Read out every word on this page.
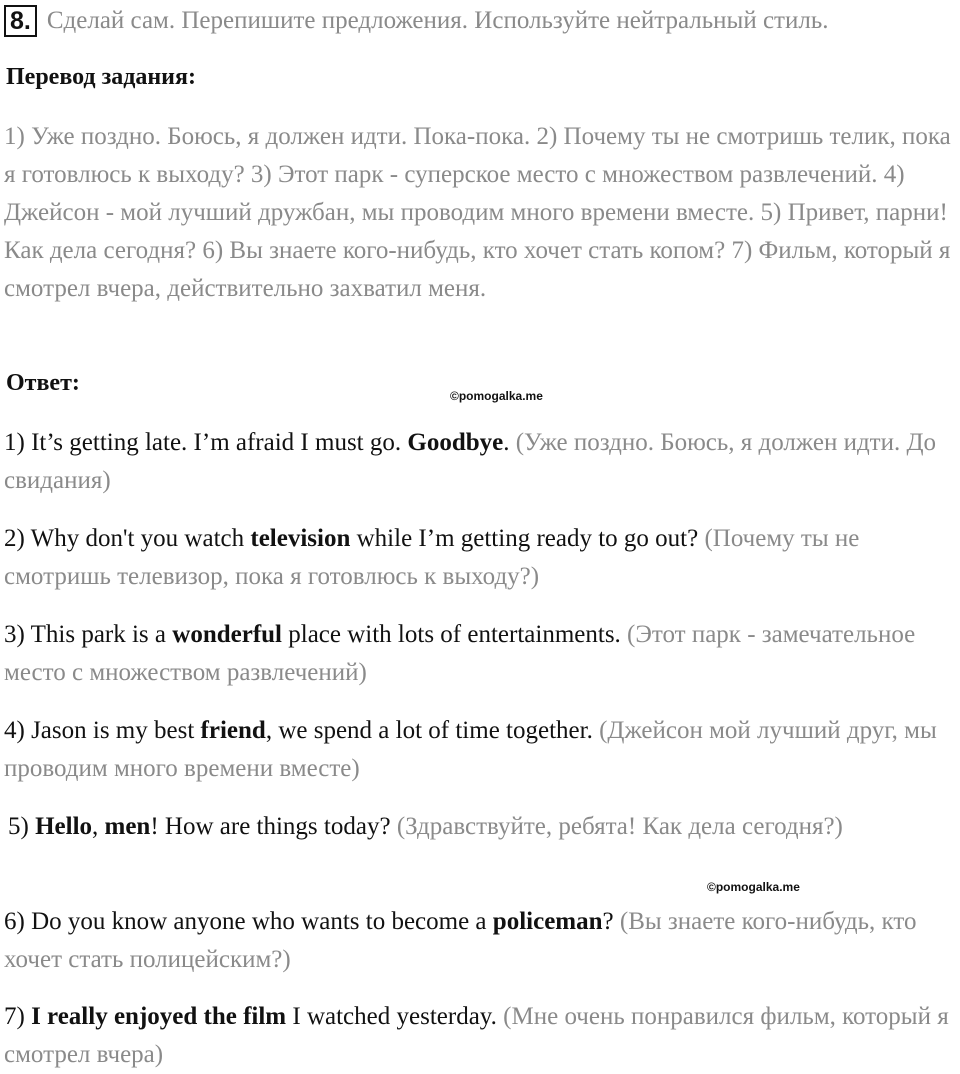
8. Сделай сам. Перепишите предложения. Используйте нейтральный стиль.
Перевод задания:
1) Уже поздно. Боюсь, я должен идти. Пока-пока. 2) Почему ты не смотришь телик, пока я готовлюсь к выходу? 3) Этот парк - суперское место с множеством развлечений. 4) Джейсон - мой лучший дружбан, мы проводим много времени вместе. 5) Привет, парни! Как дела сегодня? 6) Вы знаете кого-нибудь, кто хочет стать копом? 7) Фильм, который я смотрел вчера, действительно захватил меня.
Ответ:	©pomogalka.me
©pomogalka.me
1) It’s getting late. I’m afraid I must go. Goodbye. (Уже поздно. Боюсь, я должен идти. До свидания)
2) Why don't you watch television while I’m getting ready to go out? (Почему ты не смотришь телевизор, пока я готовлюсь к выходу?)
3) This park is a wonderful place with lots of entertainments. (Этот парк - замечательное место с множеством развлечений)
4) Jason is my best friend, we spend a lot of time together. (Джейсон мой лучший друг, мы проводим много времени вместе)
5) Hello, men! How are things today? (Здравствуйте, ребята! Как дела сегодня?)
6) Do you know anyone who wants to become a policeman? (Вы знаете кого-нибудь, кто хочет стать полицейским?)
7) I really enjoyed the film I watched yesterday. (Мне очень понравился фильм, который я смотрел вчера)
